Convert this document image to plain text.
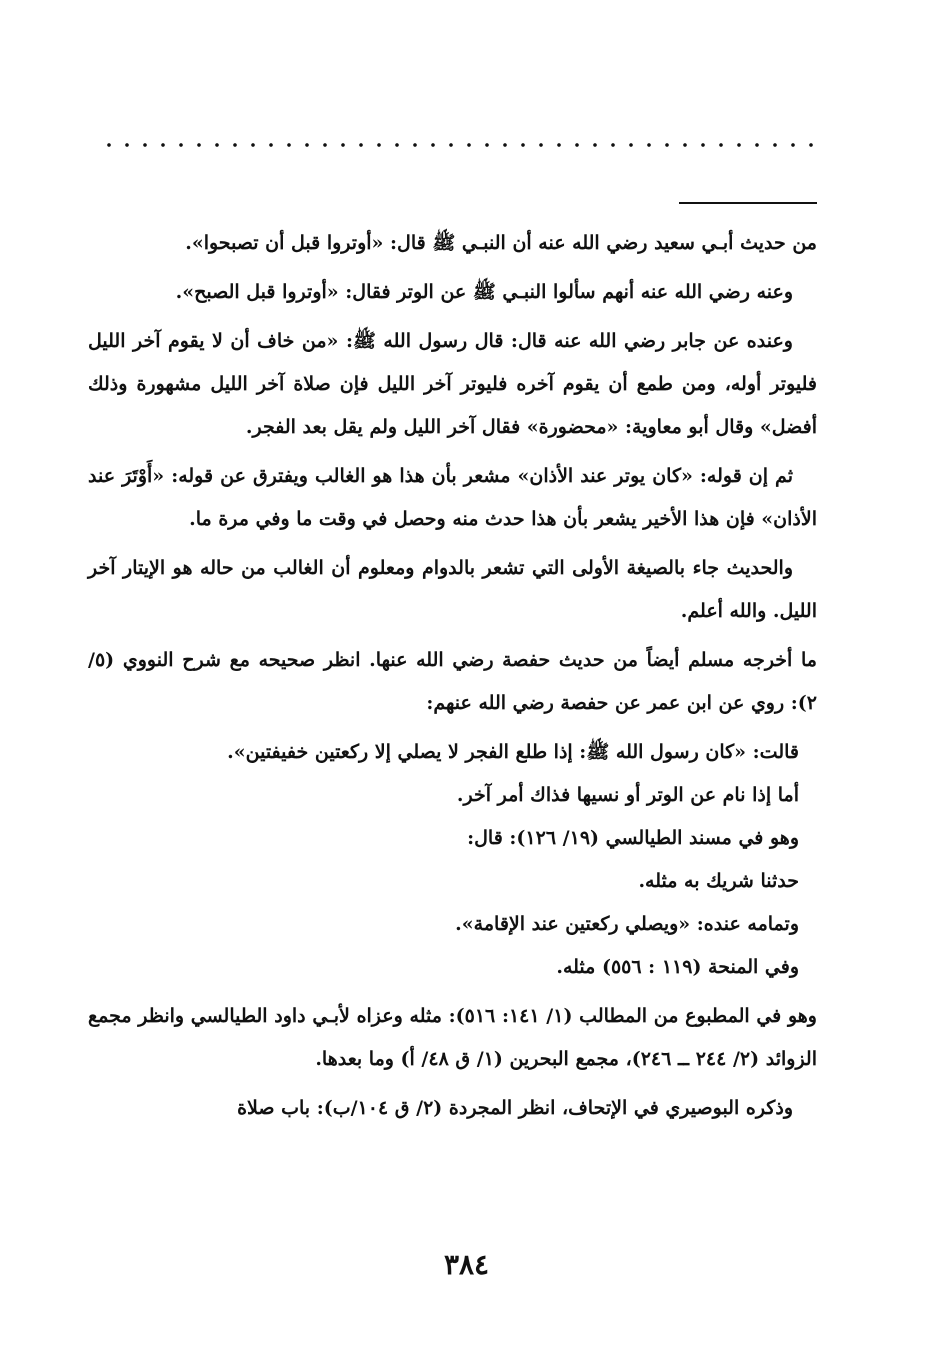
من حديث أبـي سعيد رضي الله عنه أن النبـي ﷺ قال: «أوتروا قبل أن تصبحوا».

وعنه رضي الله عنه أنهم سألوا النبـي ﷺ عن الوتر فقال: «أوتروا قبل الصبح».

وعنده عن جابر رضي الله عنه قال: قال رسول الله ﷺ: «من خاف أن لا يقوم آخر الليل فليوتر أوله، ومن طمع أن يقوم آخره فليوتر آخر الليل فإن صلاة آخر الليل مشهورة وذلك أفضل» وقال أبو معاوية: «محضورة» فقال آخر الليل ولم يقل بعد الفجر.

ثم إن قوله: «كان يوتر عند الأذان» مشعر بأن هذا هو الغالب ويفترق عن قوله: «أَوْتَرَ عند الأذان» فإن هذا الأخير يشعر بأن هذا حدث منه وحصل في وقت ما وفي مرة ما.

والحديث جاء بالصيغة الأولى التي تشعر بالدوام ومعلوم أن الغالب من حاله هو الإيتار آخر الليل. والله أعلم.

ما أخرجه مسلم أيضاً من حديث حفصة رضي الله عنها. انظر صحيحه مع شرح النووي (٥/ ٢): روي عن ابن عمر عن حفصة رضي الله عنهم:

قالت: «كان رسول الله ﷺ: إذا طلع الفجر لا يصلي إلا ركعتين خفيفتين».

أما إذا نام عن الوتر أو نسيها فذاك أمر آخر.

وهو في مسند الطيالسي (١٩/ ١٢٦): قال:

حدثنا شريك به مثله.

وتمامه عنده: «ويصلي ركعتين عند الإقامة».

وفي المنحة (١١٩ : ٥٥٦) مثله.

وهو في المطبوع من المطالب (١/ ١٤١: ٥١٦): مثله وعزاه لأبـي داود الطيالسي وانظر مجمع الزوائد (٢/ ٢٤٤ ــ ٢٤٦)، مجمع البحرين (١/ ق ٤٨/ أ) وما بعدها.

وذكره البوصيري في الإتحاف، انظر المجردة (٢/ ق ١٠٤/ب): باب صلاة

٣٨٤
